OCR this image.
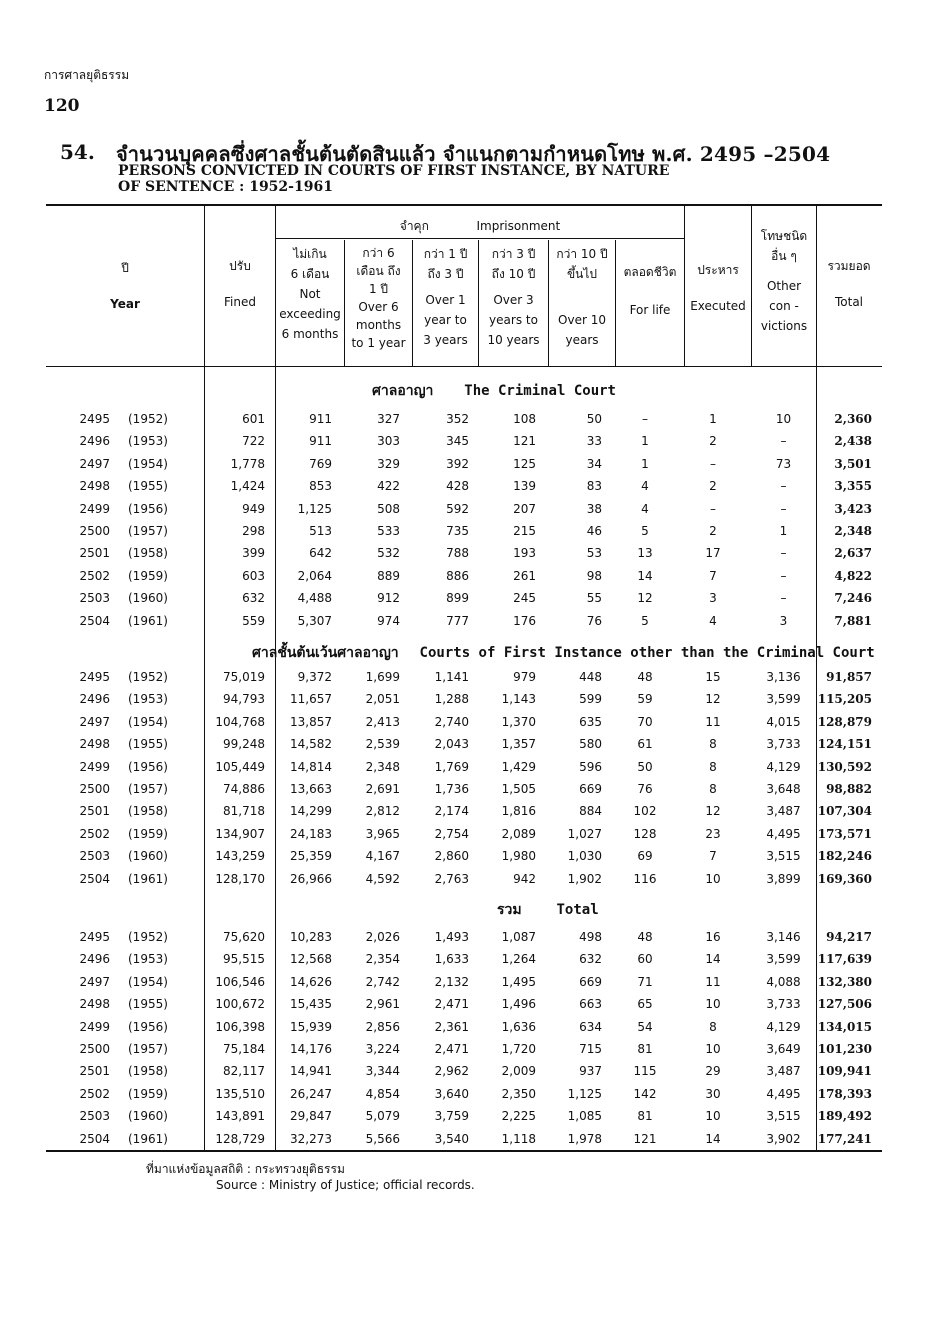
การศาลยุติธรรม
120
54. จำนวนบุคคลซึ่งศาลชั้นต้นตัดสินแล้ว จำแนกตามกำหนดโทษ พ.ศ. 2495 –2504
PERSONS CONVICTED IN COURTS OF FIRST INSTANCE, BY NATURE
OF SENTENCE : 1952-1961
ปี
Year
ปรับ
Fined
จำคุก	Imprisonment
ไม่เกิน
6 เดือน
Not
exceeding
6 months
กว่า 6
เดือน ถึง
1 ปี
Over 6
months
to 1 year
กว่า 1 ปี
ถึง 3 ปี
Over 1
year to
3 years
กว่า 3 ปี
ถึง 10 ปี
Over 3
years to
10 years
กว่า 10 ปี
ขึ้นไป
Over 10
years
ตลอดชีวิต
For life
ประหาร
Executed
โทษชนิด
อื่น ๆ
Other
con -
victions
รวมยอด
Total
ศาลอาญา The Criminal Court
2495 (1952)	601	911	327	352	108	50	–	1	10	2,360
2496 (1953)	722	911	303	345	121	33	1	2	–	2,438
2497 (1954)	1,778	769	329	392	125	34	1	–	73	3,501
2498 (1955)	1,424	853	422	428	139	83	4	2	–	3,355
2499 (1956)	949	1,125	508	592	207	38	4	–	–	3,423
2500 (1957)	298	513	533	735	215	46	5	2	1	2,348
2501 (1958)	399	642	532	788	193	53	13	17	–	2,637
2502 (1959)	603	2,064	889	886	261	98	14	7	–	4,822
2503 (1960)	632	4,488	912	899	245	55	12	3	–	7,246
2504 (1961)	559	5,307	974	777	176	76	5	4	3	7,881
ศาลชั้นต้นเว้นศาลอาญา Courts of First Instance other than the Criminal Court
2495 (1952)	75,019	9,372	1,699	1,141	979	448	48	15	3,136	91,857
2496 (1953)	94,793	11,657	2,051	1,288	1,143	599	59	12	3,599	115,205
2497 (1954)	104,768	13,857	2,413	2,740	1,370	635	70	11	4,015	128,879
2498 (1955)	99,248	14,582	2,539	2,043	1,357	580	61	8	3,733	124,151
2499 (1956)	105,449	14,814	2,348	1,769	1,429	596	50	8	4,129	130,592
2500 (1957)	74,886	13,663	2,691	1,736	1,505	669	76	8	3,648	98,882
2501 (1958)	81,718	14,299	2,812	2,174	1,816	884	102	12	3,487	107,304
2502 (1959)	134,907	24,183	3,965	2,754	2,089	1,027	128	23	4,495	173,571
2503 (1960)	143,259	25,359	4,167	2,860	1,980	1,030	69	7	3,515	182,246
2504 (1961)	128,170	26,966	4,592	2,763	942	1,902	116	10	3,899	169,360
รวม Total
2495 (1952)	75,620	10,283	2,026	1,493	1,087	498	48	16	3,146	94,217
2496 (1953)	95,515	12,568	2,354	1,633	1,264	632	60	14	3,599	117,639
2497 (1954)	106,546	14,626	2,742	2,132	1,495	669	71	11	4,088	132,380
2498 (1955)	100,672	15,435	2,961	2,471	1,496	663	65	10	3,733	127,506
2499 (1956)	106,398	15,939	2,856	2,361	1,636	634	54	8	4,129	134,015
2500 (1957)	75,184	14,176	3,224	2,471	1,720	715	81	10	3,649	101,230
2501 (1958)	82,117	14,941	3,344	2,962	2,009	937	115	29	3,487	109,941
2502 (1959)	135,510	26,247	4,854	3,640	2,350	1,125	142	30	4,495	178,393
2503 (1960)	143,891	29,847	5,079	3,759	2,225	1,085	81	10	3,515	189,492
2504 (1961)	128,729	32,273	5,566	3,540	1,118	1,978	121	14	3,902	177,241
ที่มาแห่งข้อมูลสถิติ : กระทรวงยุติธรรม
Source : Ministry of Justice; official records.
